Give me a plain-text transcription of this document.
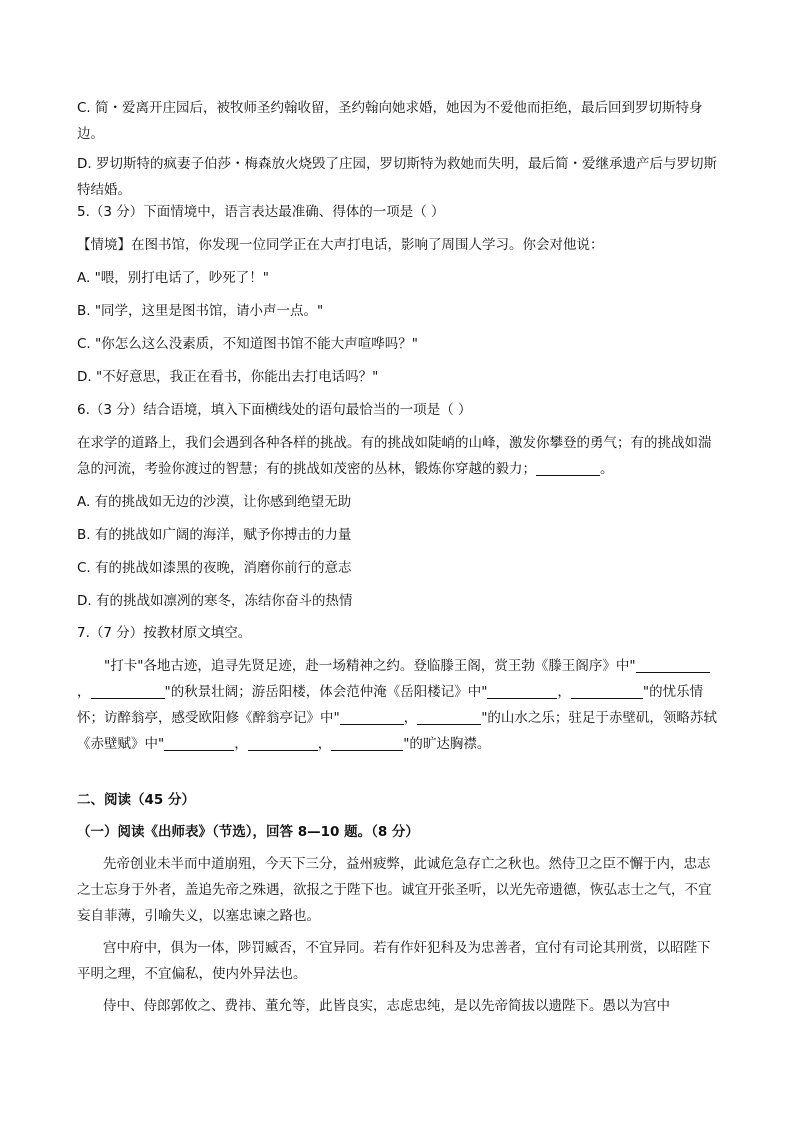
C. 简・爱离开庄园后，被牧师圣约翰收留，圣约翰向她求婚，她因为不爱他而拒绝，最后回到罗切斯特身边。

D. 罗切斯特的疯妻子伯莎・梅森放火烧毁了庄园，罗切斯特为救她而失明，最后简・爱继承遗产后与罗切斯特结婚。

5.（3 分）下面情境中，语言表达最准确、得体的一项是（ ）

【情境】在图书馆，你发现一位同学正在大声打电话，影响了周围人学习。你会对他说：

A. "喂，别打电话了，吵死了！"

B. "同学，这里是图书馆，请小声一点。"

C. "你怎么这么没素质，不知道图书馆不能大声喧哗吗？"

D. "不好意思，我正在看书，你能出去打电话吗？"

6.（3 分）结合语境，填入下面横线处的语句最恰当的一项是（ ）

在求学的道路上，我们会遇到各种各样的挑战。有的挑战如陡峭的山峰，激发你攀登的勇气；有的挑战如湍急的河流，考验你渡过的智慧；有的挑战如茂密的丛林，锻炼你穿越的毅力；	。

A. 有的挑战如无边的沙漠，让你感到绝望无助

B. 有的挑战如广阔的海洋，赋予你搏击的力量

C. 有的挑战如漆黑的夜晚，消磨你前行的意志

D. 有的挑战如凛冽的寒冬，冻结你奋斗的热情

7.（7 分）按教材原文填空。

"打卡"各地古迹，追寻先贤足迹，赴一场精神之约。登临滕王阁，赏王勃《滕王阁序》中"，	"的秋景壮阔；游岳阳楼，体会范仲淹《岳阳楼记》中"	，	"的忧乐情怀；访醉翁亭，感受欧阳修《醉翁亭记》中"	，	"的山水之乐；驻足于赤壁矶，领略苏轼《赤壁赋》中"	，	，	"的旷达胸襟。

二、阅读（45 分）

（一）阅读《出师表》（节选），回答 8—10 题。（8 分）

先帝创业未半而中道崩殂，今天下三分，益州疲弊，此诚危急存亡之秋也。然侍卫之臣不懈于内，忠志之士忘身于外者，盖追先帝之殊遇，欲报之于陛下也。诚宜开张圣听，以光先帝遗德，恢弘志士之气，不宜妄自菲薄，引喻失义，以塞忠谏之路也。

宫中府中，俱为一体，陟罚臧否，不宜异同。若有作奸犯科及为忠善者，宜付有司论其刑赏，以昭陛下平明之理，不宜偏私，使内外异法也。

侍中、侍郎郭攸之、费祎、董允等，此皆良实，志虑忠纯，是以先帝简拔以遗陛下。愚以为宫中
